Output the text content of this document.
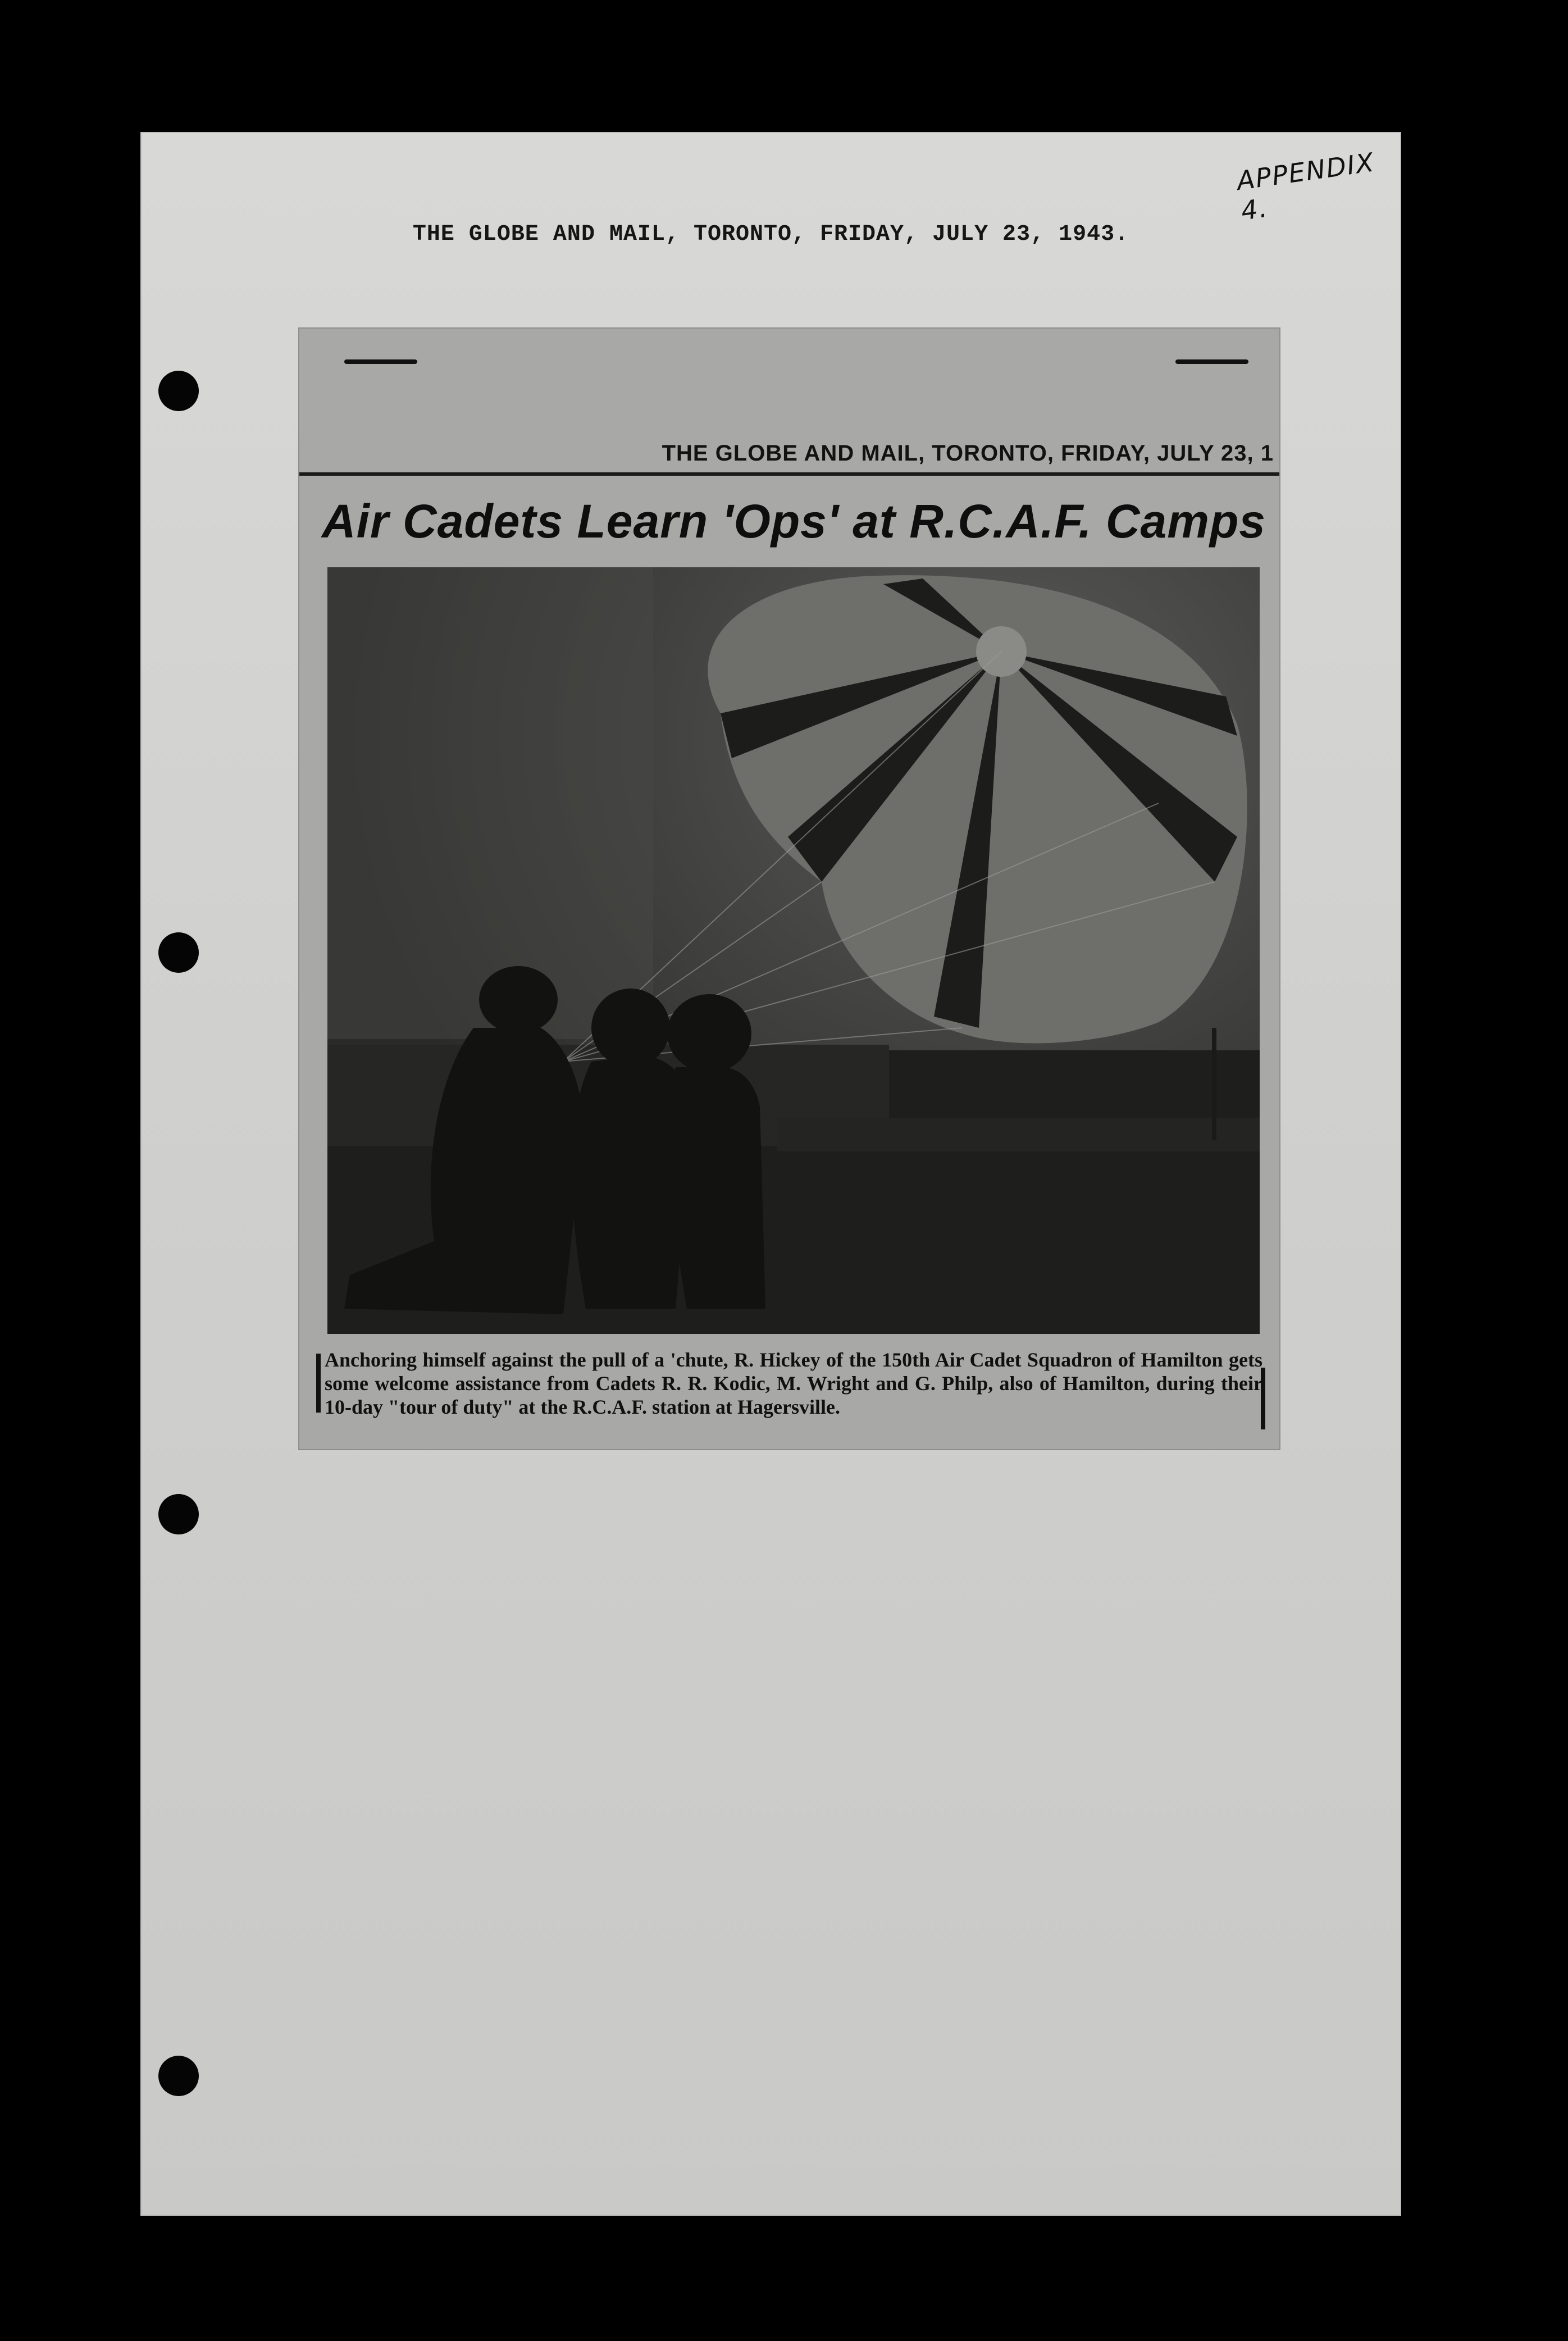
APPENDIX 4.
THE GLOBE AND MAIL, TORONTO, FRIDAY, JULY 23, 1943.
THE GLOBE AND MAIL, TORONTO, FRIDAY, JULY 23, 1
Air Cadets Learn 'Ops' at R.C.A.F. Camps
Anchoring himself against the pull of a 'chute, R. Hickey of the 150th Air Cadet Squadron of Hamilton gets some welcome assistance from Cadets R. R. Kodic, M. Wright and G. Philp, also of Hamilton, during their 10-day "tour of duty" at the R.C.A.F. station at Hagersville.
